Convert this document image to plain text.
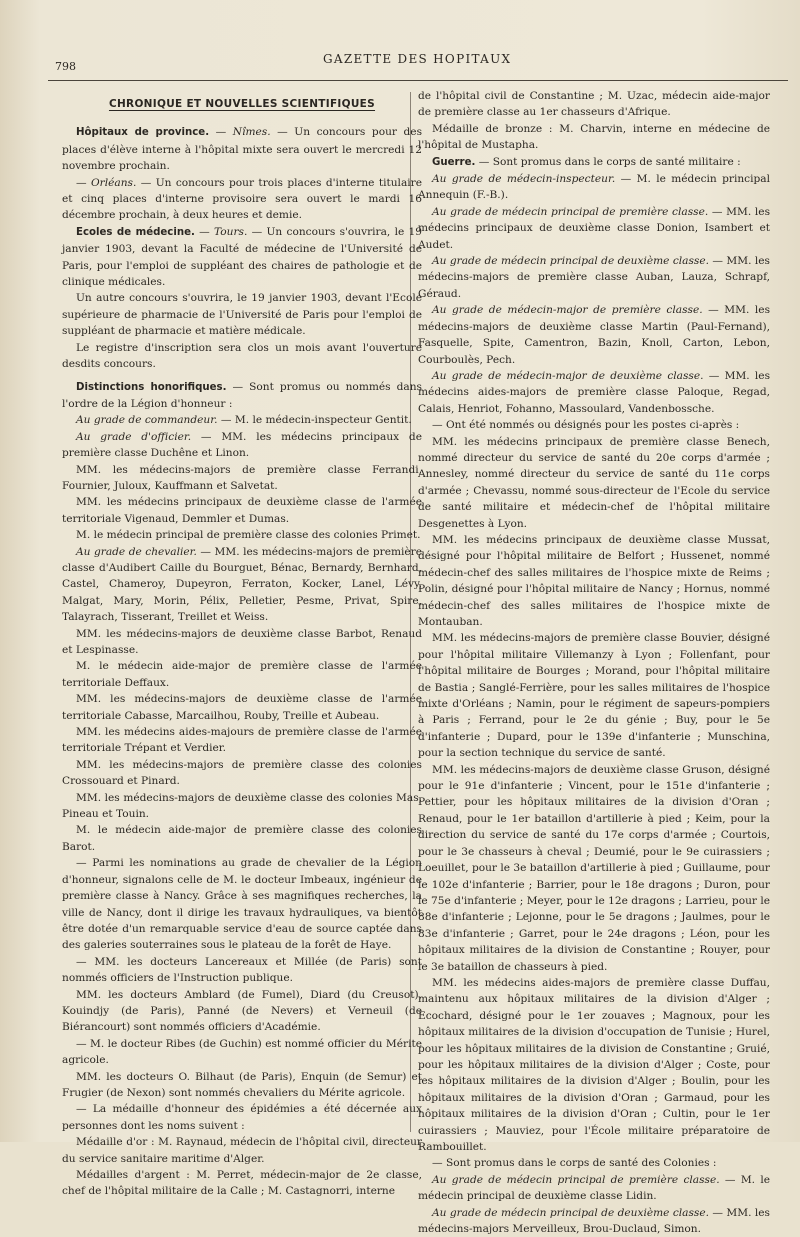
798
GAZETTE DES HOPITAUX
CHRONIQUE ET NOUVELLES SCIENTIFIQUES

Hôpitaux de province. — Nîmes. — Un concours pour des places d'élève interne à l'hôpital mixte sera ouvert le mercredi 12 novembre prochain.

— Orléans. — Un concours pour trois places d'interne titulaire et cinq places d'interne provisoire sera ouvert le mardi 16 décembre prochain, à deux heures et demie.

Ecoles de médecine. — Tours. — Un concours s'ouvrira, le 19 janvier 1903, devant la Faculté de médecine de l'Université de Paris, pour l'emploi de suppléant des chaires de pathologie et de clinique médicales.

Un autre concours s'ouvrira, le 19 janvier 1903, devant l'Ecole supérieure de pharmacie de l'Université de Paris pour l'emploi de suppléant de pharmacie et matière médicale.

Le registre d'inscription sera clos un mois avant l'ouverture desdits concours.

Distinctions honorifiques. — Sont promus ou nommés dans l'ordre de la Légion d'honneur :

Au grade de commandeur. — M. le médecin-inspecteur Gentit.

Au grade d'officier. — MM. les médecins principaux de première classe Duchêne et Linon.

MM. les médecins-majors de première classe Ferrandi, Fournier, Juloux, Kauffmann et Salvetat.

MM. les médecins principaux de deuxième classe de l'armée territoriale Vigenaud, Demmler et Dumas.

M. le médecin principal de première classe des colonies Primet.

Au grade de chevalier. — MM. les médecins-majors de première classe d'Audibert Caille du Bourguet, Bénac, Bernardy, Bernhard, Castel, Chameroy, Dupeyron, Ferraton, Kocker, Lanel, Lévy, Malgat, Mary, Morin, Pélix, Pelletier, Pesme, Privat, Spire, Talayrach, Tisserant, Treillet et Weiss.

MM. les médecins-majors de deuxième classe Barbot, Renaud et Lespinasse.

M. le médecin aide-major de première classe de l'armée territoriale Deffaux.

MM. les médecins-majors de deuxième classe de l'armée territoriale Cabasse, Marcailhou, Rouby, Treille et Aubeau.

MM. les médecins aides-majours de première classe de l'armée territoriale Trépant et Verdier.

MM. les médecins-majors de première classe des colonies Crossouard et Pinard.

MM. les médecins-majors de deuxième classe des colonies Mas, Pineau et Touin.

M. le médecin aide-major de première classe des colonies Barot.

— Parmi les nominations au grade de chevalier de la Légion d'honneur, signalons celle de M. le docteur Imbeaux, ingénieur de première classe à Nancy. Grâce à ses magnifiques recherches, la ville de Nancy, dont il dirige les travaux hydrauliques, va bientôt être dotée d'un remarquable service d'eau de source captée dans des galeries souterraines sous le plateau de la forêt de Haye.

— MM. les docteurs Lancereaux et Millée (de Paris) sont nommés officiers de l'Instruction publique.

MM. les docteurs Amblard (de Fumel), Diard (du Creusot), Kouindjy (de Paris), Panné (de Nevers) et Verneuil (de Biérancourt) sont nommés officiers d'Académie.

— M. le docteur Ribes (de Guchin) est nommé officier du Mérite agricole.

MM. les docteurs O. Bilhaut (de Paris), Enquin (de Semur) et Frugier (de Nexon) sont nommés chevaliers du Mérite agricole.

— La médaille d'honneur des épidémies a été décernée aux personnes dont les noms suivent :

Médaille d'or : M. Raynaud, médecin de l'hôpital civil, directeur du service sanitaire maritime d'Alger.

Médailles d'argent : M. Perret, médecin-major de 2e classe, chef de l'hôpital militaire de la Calle ; M. Castagnorri, interne

de l'hôpital civil de Constantine ; M. Uzac, médecin aide-major de première classe au 1er chasseurs d'Afrique.

Médaille de bronze : M. Charvin, interne en médecine de l'hôpital de Mustapha.

Guerre. — Sont promus dans le corps de santé militaire :

Au grade de médecin-inspecteur. — M. le médecin principal Annequin (F.-B.).

Au grade de médecin principal de première classe. — MM. les médecins principaux de deuxième classe Donion, Isambert et Audet.

Au grade de médecin principal de deuxième classe. — MM. les médecins-majors de première classe Auban, Lauza, Schrapf, Géraud.

Au grade de médecin-major de première classe. — MM. les médecins-majors de deuxième classe Martin (Paul-Fernand), Fasquelle, Spite, Camentron, Bazin, Knoll, Carton, Lebon, Courboulès, Pech.

Au grade de médecin-major de deuxième classe. — MM. les médecins aides-majors de première classe Paloque, Regad, Calais, Henriot, Fohanno, Massoulard, Vandenbossche.

— Ont été nommés ou désignés pour les postes ci-après :

MM. les médecins principaux de première classe Benech, nommé directeur du service de santé du 20e corps d'armée ; Annesley, nommé directeur du service de santé du 11e corps d'armée ; Chevassu, nommé sous-directeur de l'Ecole du service de santé militaire et médecin-chef de l'hôpital militaire Desgenettes à Lyon.

MM. les médecins principaux de deuxième classe Mussat, désigné pour l'hôpital militaire de Belfort ; Hussenet, nommé médecin-chef des salles militaires de l'hospice mixte de Reims ; Polin, désigné pour l'hôpital militaire de Nancy ; Hornus, nommé médecin-chef des salles militaires de l'hospice mixte de Montauban.

MM. les médecins-majors de première classe Bouvier, désigné pour l'hôpital militaire Villemanzy à Lyon ; Follenfant, pour l'hôpital militaire de Bourges ; Morand, pour l'hôpital militaire de Bastia ; Sanglé-Ferrière, pour les salles militaires de l'hospice mixte d'Orléans ; Namin, pour le régiment de sapeurs-pompiers à Paris ; Ferrand, pour le 2e du génie ; Buy, pour le 5e d'infanterie ; Dupard, pour le 139e d'infanterie ; Munschina, pour la section technique du service de santé.

MM. les médecins-majors de deuxième classe Gruson, désigné pour le 91e d'infanterie ; Vincent, pour le 151e d'infanterie ; Pettier, pour les hôpitaux militaires de la division d'Oran ; Renaud, pour le 1er bataillon d'artillerie à pied ; Keim, pour la direction du service de santé du 17e corps d'armée ; Courtois, pour le 3e chasseurs à cheval ; Deumié, pour le 9e cuirassiers ; Loeuillet, pour le 3e bataillon d'artillerie à pied ; Guillaume, pour le 102e d'infanterie ; Barrier, pour le 18e dragons ; Duron, pour le 75e d'infanterie ; Meyer, pour le 12e dragons ; Larrieu, pour le 88e d'infanterie ; Lejonne, pour le 5e dragons ; Jaulmes, pour le 83e d'infanterie ; Garret, pour le 24e dragons ; Léon, pour les hôpitaux militaires de la division de Constantine ; Rouyer, pour le 3e bataillon de chasseurs à pied.

MM. les médecins aides-majors de première classe Duffau, maintenu aux hôpitaux militaires de la division d'Alger ; Ecochard, désigné pour le 1er zouaves ; Magnoux, pour les hôpitaux militaires de la division d'occupation de Tunisie ; Hurel, pour les hôpitaux militaires de la division de Constantine ; Gruié, pour les hôpitaux militaires de la division d'Alger ; Coste, pour les hôpitaux militaires de la division d'Alger ; Boulin, pour les hôpitaux militaires de la division d'Oran ; Garmaud, pour les hôpitaux militaires de la division d'Oran ; Cultin, pour le 1er cuirassiers ; Mauviez, pour l'École militaire préparatoire de Rambouillet.

— Sont promus dans le corps de santé des Colonies :

Au grade de médecin principal de première classe. — M. le médecin principal de deuxième classe Lidin.

Au grade de médecin principal de deuxième classe. — MM. les médecins-majors Merveilleux, Brou-Duclaud, Simon.
